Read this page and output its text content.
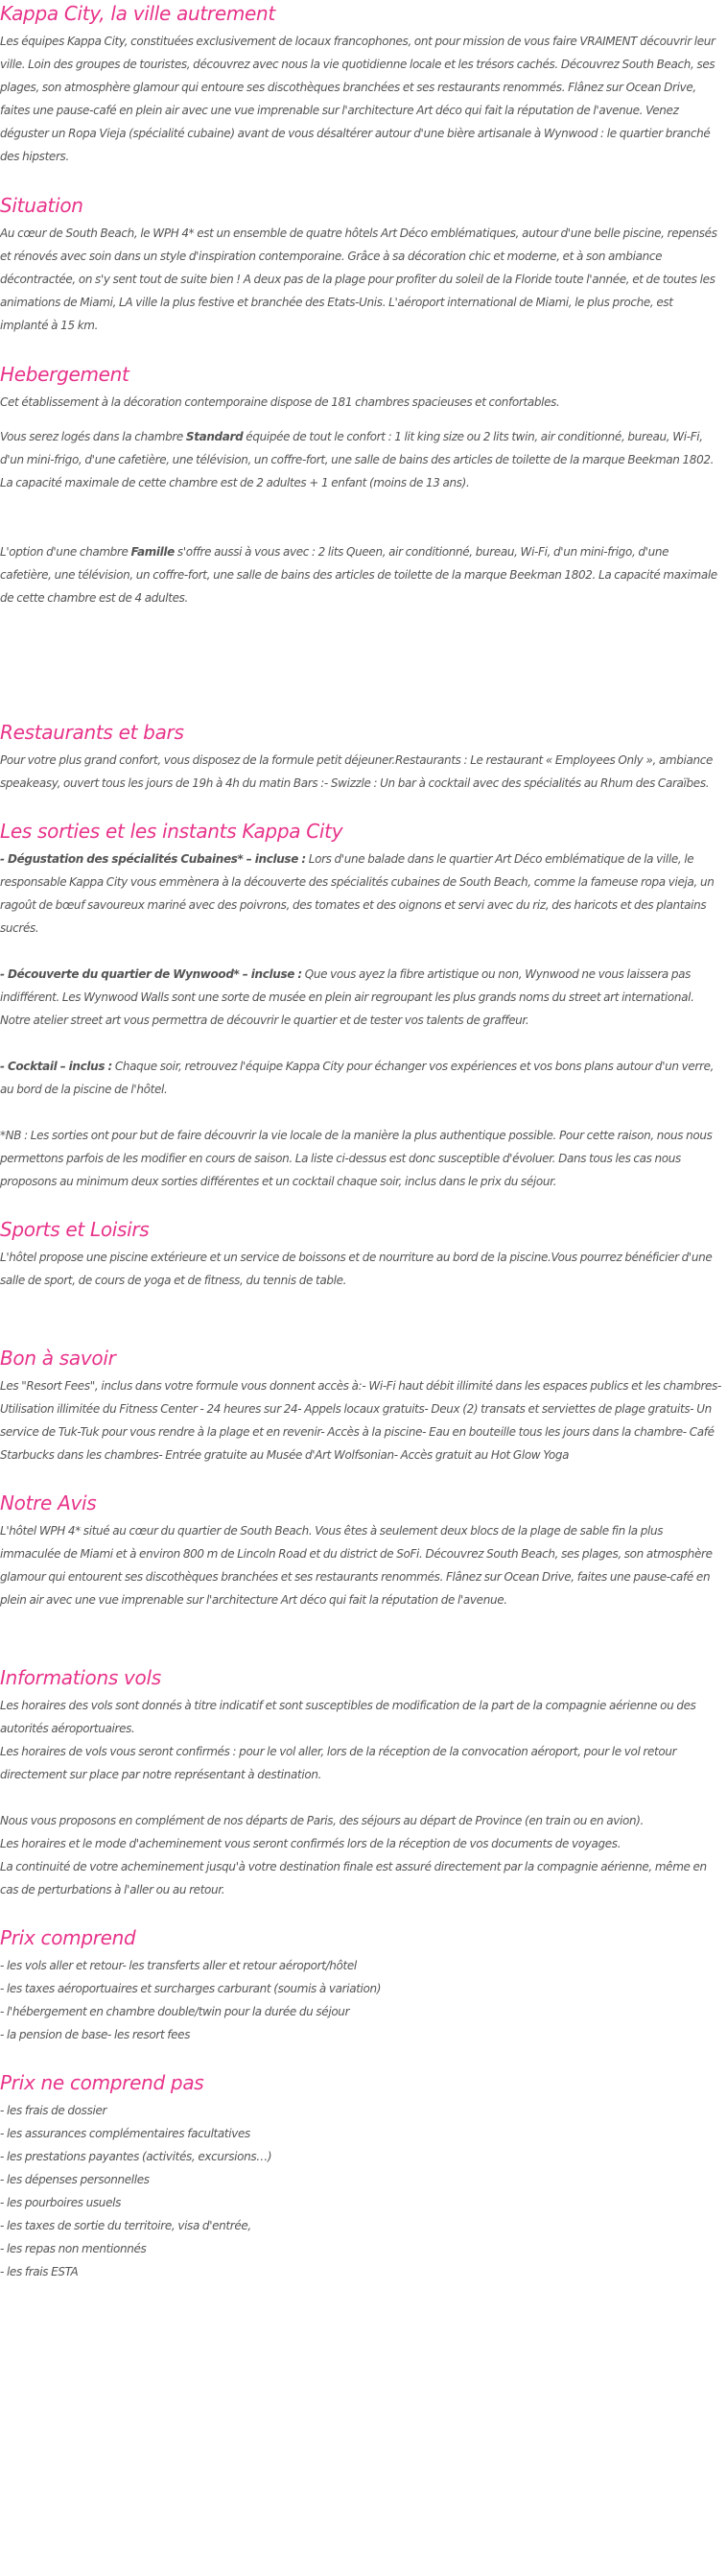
Kappa City, la ville autrement

Les équipes Kappa City, constituées exclusivement de locaux francophones, ont pour mission de vous faire VRAIMENT découvrir leur ville. Loin des groupes de touristes, découvrez avec nous la vie quotidienne locale et les trésors cachés. Découvrez South Beach, ses plages, son atmosphère glamour qui entoure ses discothèques branchées et ses restaurants renommés. Flânez sur Ocean Drive, faites une pause-café en plein air avec une vue imprenable sur l'architecture Art déco qui fait la réputation de l'avenue. Venez déguster un Ropa Vieja (spécialité cubaine) avant de vous désaltérer autour d'une bière artisanale à Wynwood : le quartier branché des hipsters.

Situation

Au cœur de South Beach, le WPH 4* est un ensemble de quatre hôtels Art Déco emblématiques, autour d'une belle piscine, repensés et rénovés avec soin dans un style d'inspiration contemporaine. Grâce à sa décoration chic et moderne, et à son ambiance décontractée, on s'y sent tout de suite bien ! A deux pas de la plage pour profiter du soleil de la Floride toute l'année, et de toutes les animations de Miami, LA ville la plus festive et branchée des Etats-Unis. L'aéroport international de Miami, le plus proche, est implanté à 15 km.

Hebergement

Cet établissement à la décoration contemporaine dispose de 181 chambres spacieuses et confortables.

Vous serez logés dans la chambre Standard équipée de tout le confort : 1 lit king size ou 2 lits twin, air conditionné, bureau, Wi-Fi, d'un mini-frigo, d'une cafetière, une télévision, un coffre-fort, une salle de bains des articles de toilette de la marque Beekman 1802. La capacité maximale de cette chambre est de 2 adultes + 1 enfant (moins de 13 ans).

L'option d'une chambre Famille s'offre aussi à vous avec : 2 lits Queen, air conditionné, bureau, Wi-Fi, d'un mini-frigo, d'une cafetière, une télévision, un coffre-fort, une salle de bains des articles de toilette de la marque Beekman 1802. La capacité maximale de cette chambre est de 4 adultes.

Restaurants et bars

Pour votre plus grand confort, vous disposez de la formule petit déjeuner.Restaurants : Le restaurant « Employees Only », ambiance speakeasy, ouvert tous les jours de 19h à 4h du matin Bars :- Swizzle : Un bar à cocktail avec des spécialités au Rhum des Caraïbes.

Les sorties et les instants Kappa City

- Dégustation des spécialités Cubaines* – incluse : Lors d'une balade dans le quartier Art Déco emblématique de la ville, le responsable Kappa City vous emmènera à la découverte des spécialités cubaines de South Beach, comme la fameuse ropa vieja, un ragoût de bœuf savoureux mariné avec des poivrons, des tomates et des oignons et servi avec du riz, des haricots et des plantains sucrés.

- Découverte du quartier de Wynwood* – incluse : Que vous ayez la fibre artistique ou non, Wynwood ne vous laissera pas indifférent. Les Wynwood Walls sont une sorte de musée en plein air regroupant les plus grands noms du street art international. Notre atelier street art vous permettra de découvrir le quartier et de tester vos talents de graffeur.

- Cocktail – inclus : Chaque soir, retrouvez l'équipe Kappa City pour échanger vos expériences et vos bons plans autour d'un verre, au bord de la piscine de l'hôtel.

*NB : Les sorties ont pour but de faire découvrir la vie locale de la manière la plus authentique possible. Pour cette raison, nous nous permettons parfois de les modifier en cours de saison. La liste ci-dessus est donc susceptible d'évoluer. Dans tous les cas nous proposons au minimum deux sorties différentes et un cocktail chaque soir, inclus dans le prix du séjour.

Sports et Loisirs

L'hôtel propose une piscine extérieure et un service de boissons et de nourriture au bord de la piscine.Vous pourrez bénéficier d'une salle de sport, de cours de yoga et de fitness, du tennis de table.

Bon à savoir

Les "Resort Fees", inclus dans votre formule vous donnent accès à:- Wi-Fi haut débit illimité dans les espaces publics et les chambres- Utilisation illimitée du Fitness Center - 24 heures sur 24- Appels locaux gratuits- Deux (2) transats et serviettes de plage gratuits- Un service de Tuk-Tuk pour vous rendre à la plage et en revenir- Accès à la piscine- Eau en bouteille tous les jours dans la chambre- Café Starbucks dans les chambres- Entrée gratuite au Musée d'Art Wolfsonian- Accès gratuit au Hot Glow Yoga

Notre Avis

L'hôtel WPH 4* situé au cœur du quartier de South Beach. Vous êtes à seulement deux blocs de la plage de sable fin la plus immaculée de Miami et à environ 800 m de Lincoln Road et du district de SoFi. Découvrez South Beach, ses plages, son atmosphère glamour qui entourent ses discothèques branchées et ses restaurants renommés. Flânez sur Ocean Drive, faites une pause-café en plein air avec une vue imprenable sur l'architecture Art déco qui fait la réputation de l'avenue.

Informations vols

Les horaires des vols sont donnés à titre indicatif et sont susceptibles de modification de la part de la compagnie aérienne ou des autorités aéroportuaires.

Les horaires de vols vous seront confirmés : pour le vol aller, lors de la réception de la convocation aéroport, pour le vol retour directement sur place par notre représentant à destination.

Nous vous proposons en complément de nos départs de Paris, des séjours au départ de Province (en train ou en avion).

Les horaires et le mode d'acheminement vous seront confirmés lors de la réception de vos documents de voyages.

La continuité de votre acheminement jusqu'à votre destination finale est assuré directement par la compagnie aérienne, même en cas de perturbations à l'aller ou au retour.

Prix comprend

- les vols aller et retour- les transferts aller et retour aéroport/hôtel

- les taxes aéroportuaires et surcharges carburant (soumis à variation)

- l'hébergement en chambre double/twin pour la durée du séjour

- la pension de base- les resort fees

Prix ne comprend pas

- les frais de dossier

- les assurances complémentaires facultatives

- les prestations payantes (activités, excursions…)

- les dépenses personnelles

- les pourboires usuels

- les taxes de sortie du territoire, visa d'entrée,

- les repas non mentionnés

- les frais ESTA
